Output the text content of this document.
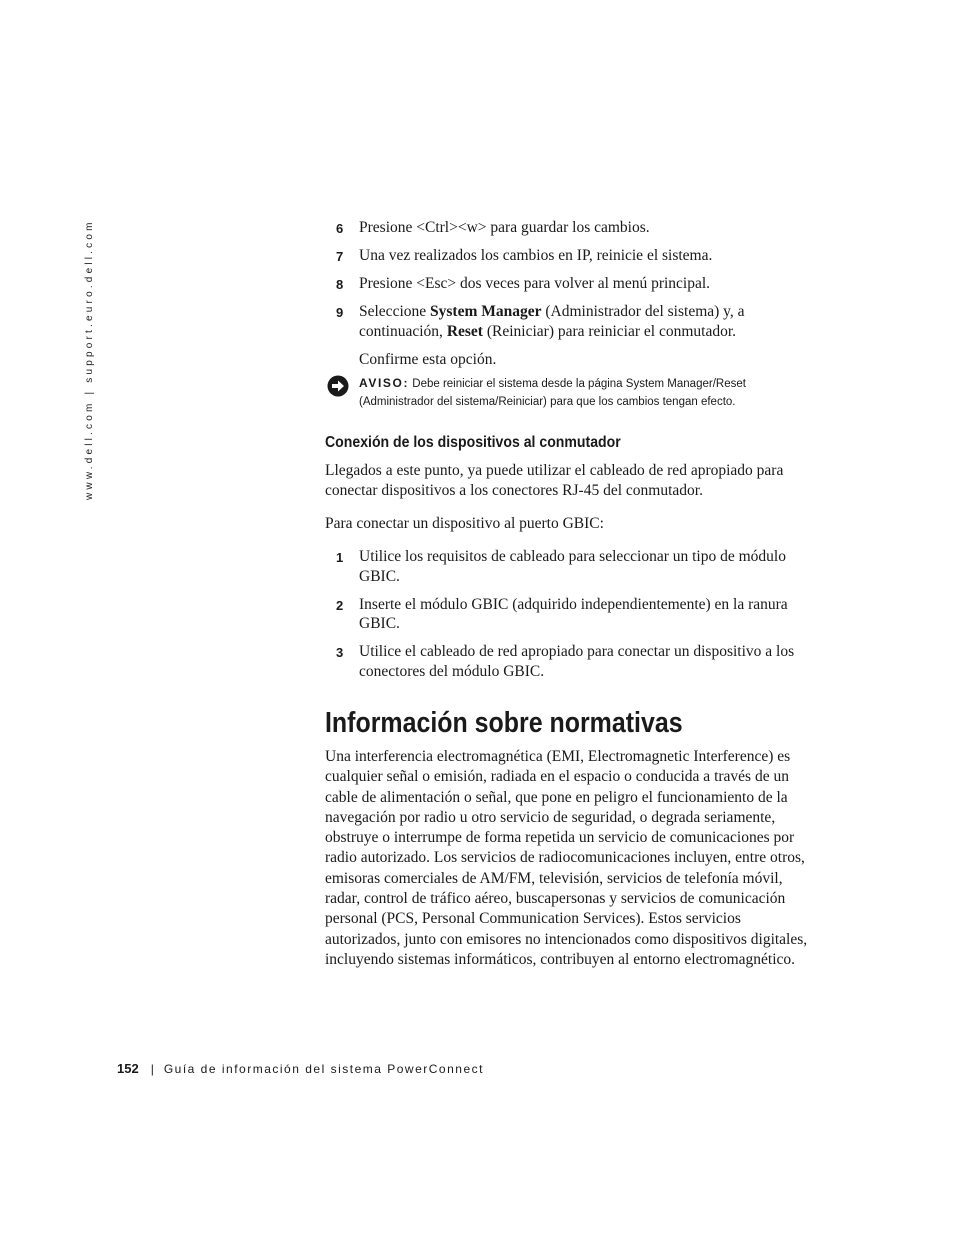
www.dell.com | support.euro.dell.com	6 Presione <Ctrl><w> para guardar los cambios.
7 Una vez realizados los cambios en IP, reinicie el sistema.
8 Presione <Esc> dos veces para volver al menú principal.
9 Seleccione System Manager (Administrador del sistema) y, a continuación, Reset (Reiniciar) para reiniciar el conmutador.
Confirme esta opción.
AVISO: Debe reiniciar el sistema desde la página System Manager/Reset (Administrador del sistema/Reiniciar) para que los cambios tengan efecto.
Conexión de los dispositivos al conmutador

Llegados a este punto, ya puede utilizar el cableado de red apropiado para conectar dispositivos a los conectores RJ-45 del conmutador.

Para conectar un dispositivo al puerto GBIC:

1 Utilice los requisitos de cableado para seleccionar un tipo de módulo GBIC.
2 Inserte el módulo GBIC (adquirido independientemente) en la ranura GBIC.
3 Utilice el cableado de red apropiado para conectar un dispositivo a los conectores del módulo GBIC.
Información sobre normativas

Una interferencia electromagnética (EMI, Electromagnetic Interference) es cualquier señal o emisión, radiada en el espacio o conducida a través de un cable de alimentación o señal, que pone en peligro el funcionamiento de la navegación por radio u otro servicio de seguridad, o degrada seriamente, obstruye o interrumpe de forma repetida un servicio de comunicaciones por radio autorizado. Los servicios de radiocomunicaciones incluyen, entre otros, emisoras comerciales de AM/FM, televisión, servicios de telefonía móvil, radar, control de tráfico aéreo, buscapersonas y servicios de comunicación personal (PCS, Personal Communication Services). Estos servicios autorizados, junto con emisores no intencionados como dispositivos digitales, incluyendo sistemas informáticos, contribuyen al entorno electromagnético.

152 | Guía de información del sistema PowerConnect
